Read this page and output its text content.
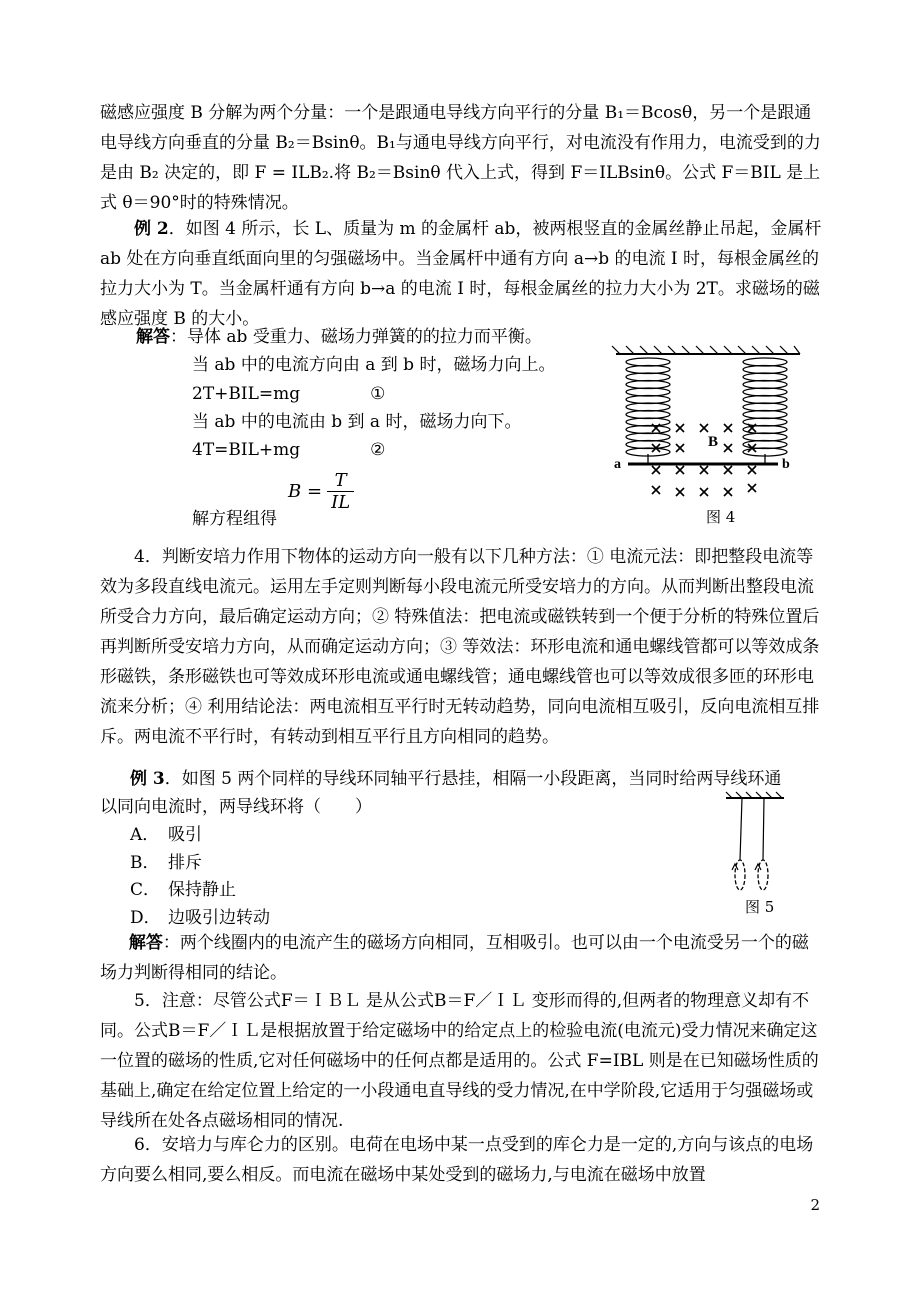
磁感应强度 B 分解为两个分量：一个是跟通电导线方向平行的分量 B₁＝Bcosθ，另一个是跟通电导线方向垂直的分量 B₂＝Bsinθ。B₁与通电导线方向平行，对电流没有作用力，电流受到的力是由 B₂ 决定的，即 F = ILB₂.将 B₂＝Bsinθ 代入上式，得到 F＝ILBsinθ。公式 F＝BIL 是上式 θ＝90°时的特殊情况。

例 2．如图 4 所示，长 L、质量为 m 的金属杆 ab，被两根竖直的金属丝静止吊起，金属杆 ab 处在方向垂直纸面向里的匀强磁场中。当金属杆中通有方向 a→b 的电流 I 时，每根金属丝的拉力大小为 T。当金属杆通有方向 b→a 的电流 I 时，每根金属丝的拉力大小为 2T。求磁场的磁感应强度 B 的大小。

解答：导体 ab 受重力、磁场力弹簧的的拉力而平衡。
当 ab 中的电流方向由 a 到 b 时，磁场力向上。
2T+BIL=mg	①
当 ab 中的电流由 b 到 a 时，磁场力向下。
4T=BIL+mg	②
解方程组得
$B = \frac{T}{IL}$
a	b
B
图 4

4．判断安培力作用下物体的运动方向一般有以下几种方法：① 电流元法：即把整段电流等效为多段直线电流元。运用左手定则判断每小段电流元所受安培力的方向。从而判断出整段电流所受合力方向，最后确定运动方向；② 特殊值法：把电流或磁铁转到一个便于分析的特殊位置后再判断所受安培力方向，从而确定运动方向；③ 等效法：环形电流和通电螺线管都可以等效成条形磁铁，条形磁铁也可等效成环形电流或通电螺线管；通电螺线管也可以等效成很多匝的环形电流来分析；④ 利用结论法：两电流相互平行时无转动趋势，同向电流相互吸引，反向电流相互排斥。两电流不平行时，有转动到相互平行且方向相同的趋势。

例 3．如图 5 两个同样的导线环同轴平行悬挂，相隔一小段距离，当同时给两导线环通
以同向电流时，两导线环将（　　）
A． 吸引
B． 排斥
C． 保持静止
D． 边吸引边转动
图 5

解答：两个线圈内的电流产生的磁场方向相同，互相吸引。也可以由一个电流受另一个的磁场力判断得相同的结论。

5．注意：尽管公式F＝ＩＢＬ 是从公式B＝F／ＩＬ 变形而得的,但两者的物理意义却有不同。公式B＝F／ＩＬ是根据放置于给定磁场中的给定点上的检验电流(电流元)受力情况来确定这一位置的磁场的性质,它对任何磁场中的任何点都是适用的。公式 F=IBL 则是在已知磁场性质的基础上,确定在给定位置上给定的一小段通电直导线的受力情况,在中学阶段,它适用于匀强磁场或导线所在处各点磁场相同的情况.

6．安培力与库仑力的区别。电荷在电场中某一点受到的库仑力是一定的,方向与该点的电场方向要么相同,要么相反。而电流在磁场中某处受到的磁场力,与电流在磁场中放置

2
